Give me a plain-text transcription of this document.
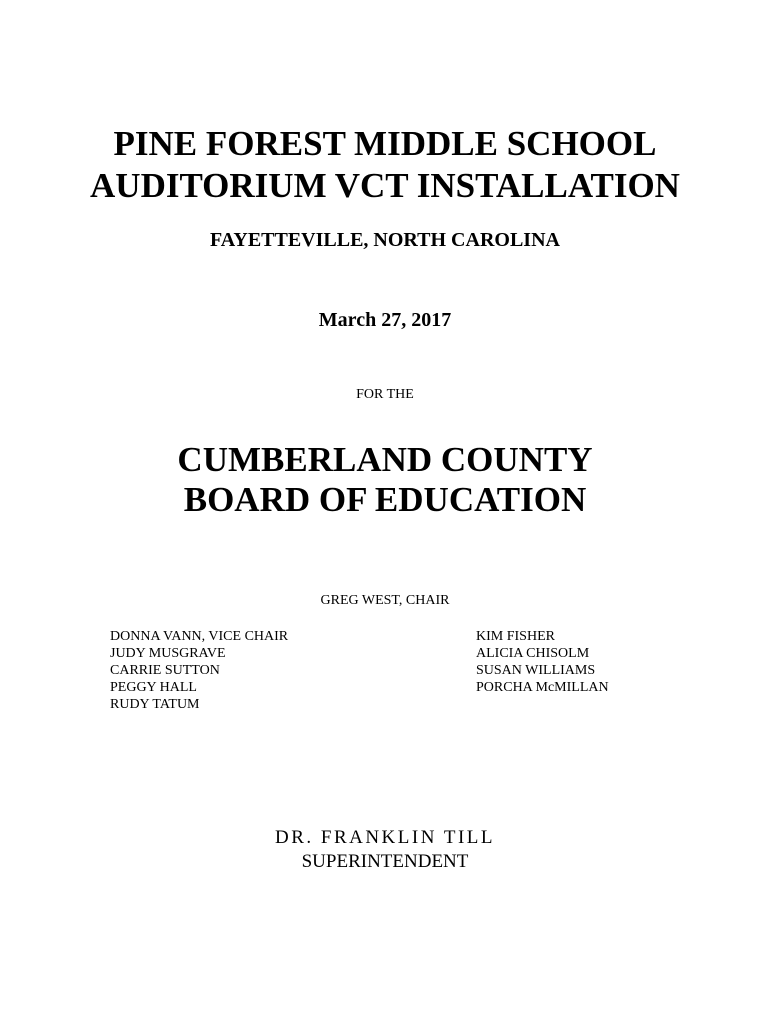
PINE FOREST MIDDLE SCHOOL
AUDITORIUM VCT INSTALLATION
FAYETTEVILLE, NORTH CAROLINA
March 27, 2017
FOR THE
CUMBERLAND COUNTY
BOARD OF EDUCATION
GREG WEST, CHAIR
DONNA VANN, VICE CHAIR
JUDY MUSGRAVE
CARRIE SUTTON
PEGGY HALL
RUDY TATUM
KIM FISHER
ALICIA CHISOLM
SUSAN WILLIAMS
PORCHA McMILLAN
DR. FRANKLIN TILL
SUPERINTENDENT
